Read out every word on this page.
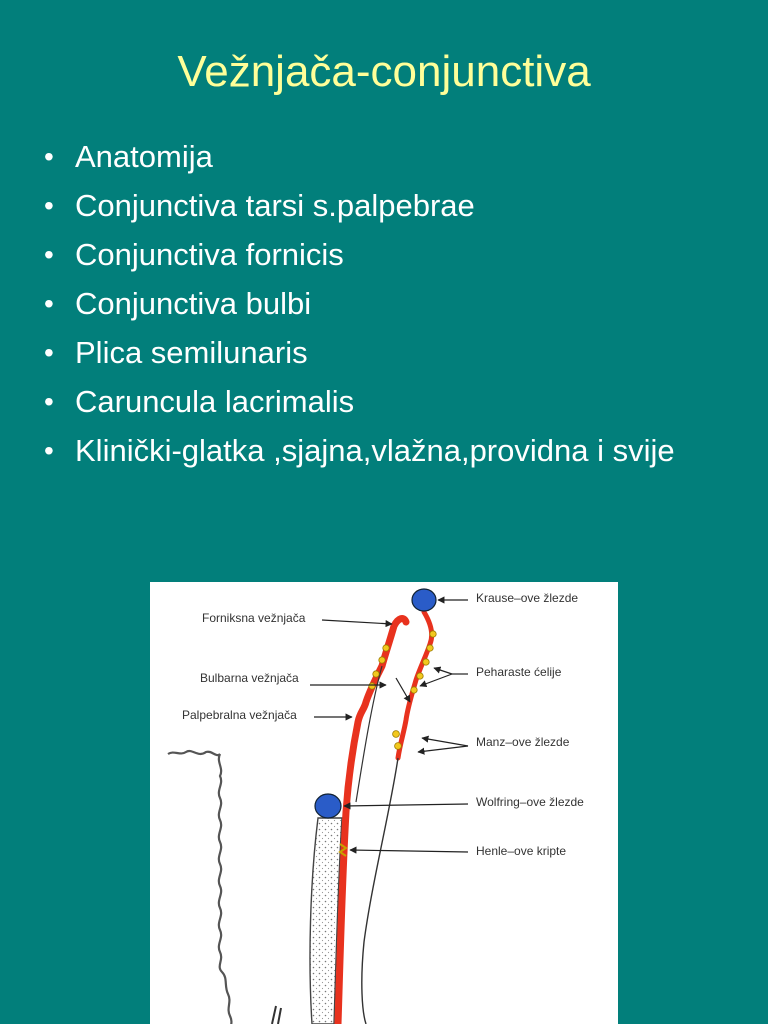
Vežnjača-conjunctiva
• Anatomija
• Conjunctiva tarsi s.palpebrae
• Conjunctiva fornicis
• Conjunctiva bulbi
• Plica semilunaris
• Caruncula lacrimalis
• Klinički-glatka ,sjajna,vlažna,providna i svije
Forniksna vežnjača
Bulbarna vežnjača
Palpebralna vežnjača
Krause–ove žlezde
Peharaste ćelije
Manz–ove žlezde
Wolfring–ove žlezde
Henle–ove kripte
